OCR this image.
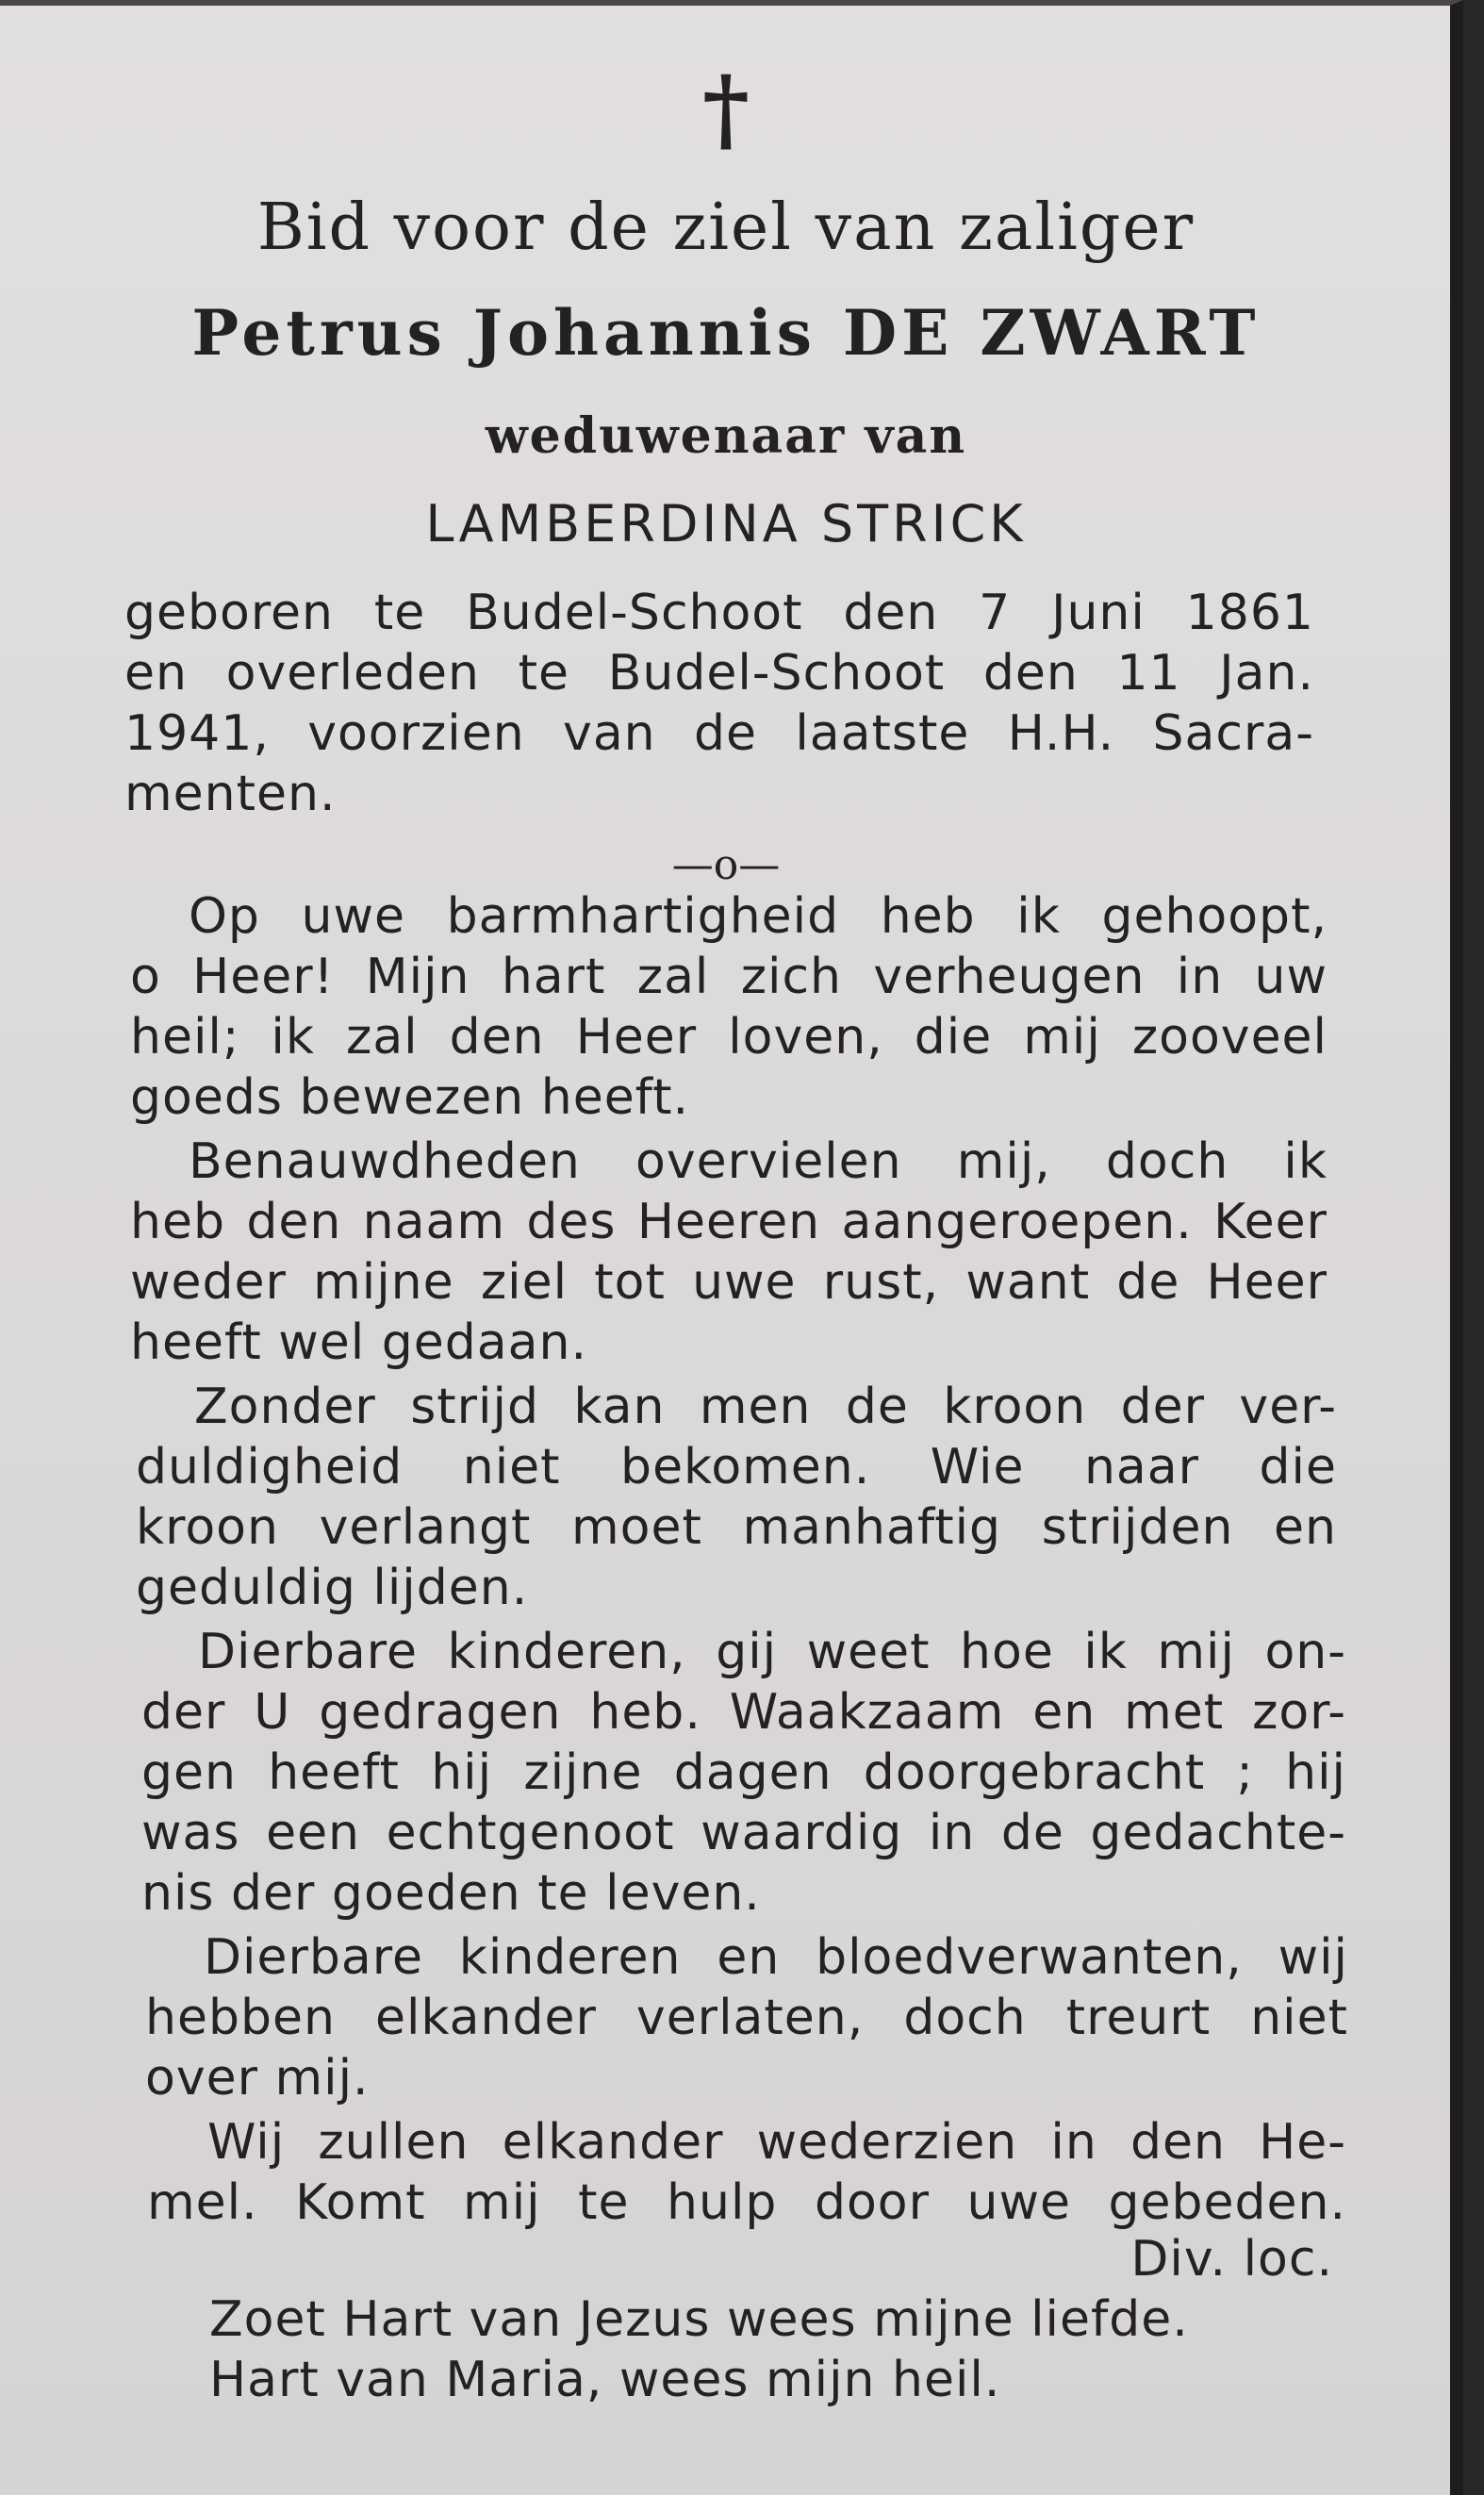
†
Bid voor de ziel van zaliger
Petrus Johannis DE ZWART
weduwenaar van
LAMBERDINA STRICK
geboren te Budel-Schoot den 7 Juni 1861
en overleden te Budel-Schoot den 11 Jan.
1941, voorzien van de laatste H.H. Sacra-
menten.
—o—
Op uwe barmhartigheid heb ik gehoopt,
o Heer! Mijn hart zal zich verheugen in uw
heil; ik zal den Heer loven, die mij zooveel
goeds bewezen heeft.
Benauwdheden overvielen mij, doch ik
heb den naam des Heeren aangeroepen. Keer
weder mijne ziel tot uwe rust, want de Heer
heeft wel gedaan.
Zonder strijd kan men de kroon der ver-
duldigheid niet bekomen. Wie naar die
kroon verlangt moet manhaftig strijden en
geduldig lijden.
Dierbare kinderen, gij weet hoe ik mij on-
der U gedragen heb. Waakzaam en met zor-
gen heeft hij zijne dagen doorgebracht ; hij
was een echtgenoot waardig in de gedachte-
nis der goeden te leven.
Dierbare kinderen en bloedverwanten, wij
hebben elkander verlaten, doch treurt niet
over mij.
Wij zullen elkander wederzien in den He-
mel. Komt mij te hulp door uwe gebeden.
Div. loc.
Zoet Hart van Jezus wees mijne liefde.
Hart van Maria, wees mijn heil.
